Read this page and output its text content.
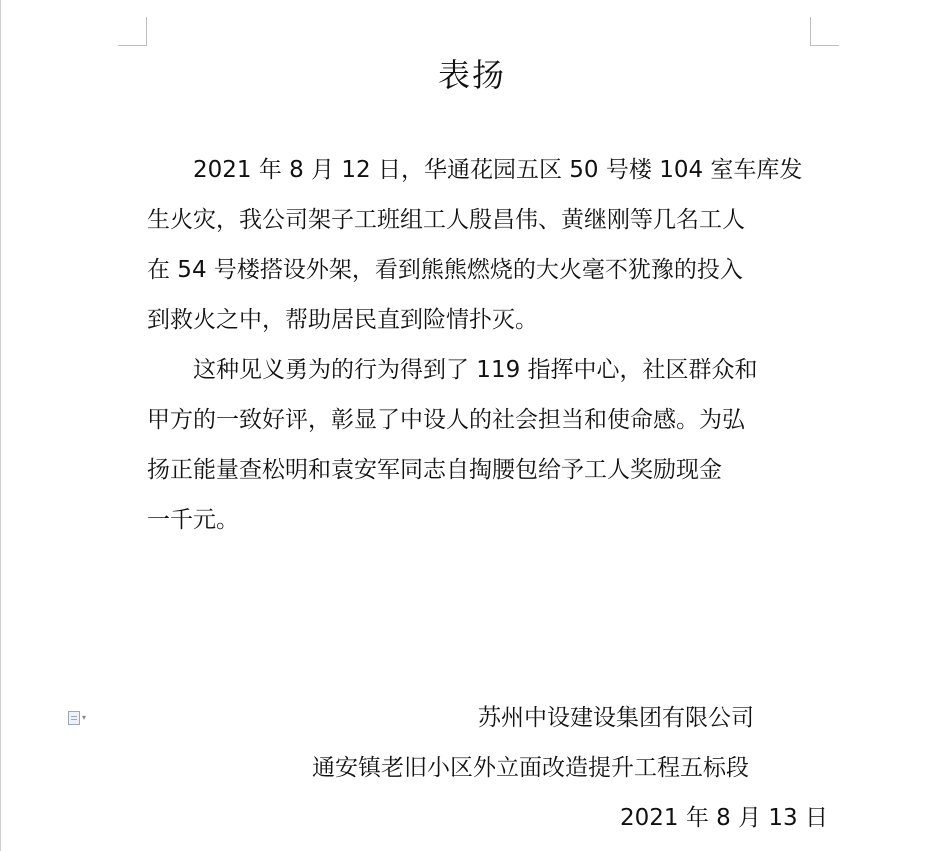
表扬
　　2021 年 8 月 12 日，华通花园五区 50 号楼 104 室车库发
生火灾，我公司架子工班组工人殷昌伟、黄继刚等几名工人
在 54 号楼搭设外架，看到熊熊燃烧的大火毫不犹豫的投入
到救火之中，帮助居民直到险情扑灭。
　　这种见义勇为的行为得到了 119 指挥中心，社区群众和
甲方的一致好评，彰显了中设人的社会担当和使命感。为弘
扬正能量查松明和袁安军同志自掏腰包给予工人奖励现金
一千元。
▾	苏州中设建设集团有限公司
通安镇老旧小区外立面改造提升工程五标段
2021 年 8 月 13 日
